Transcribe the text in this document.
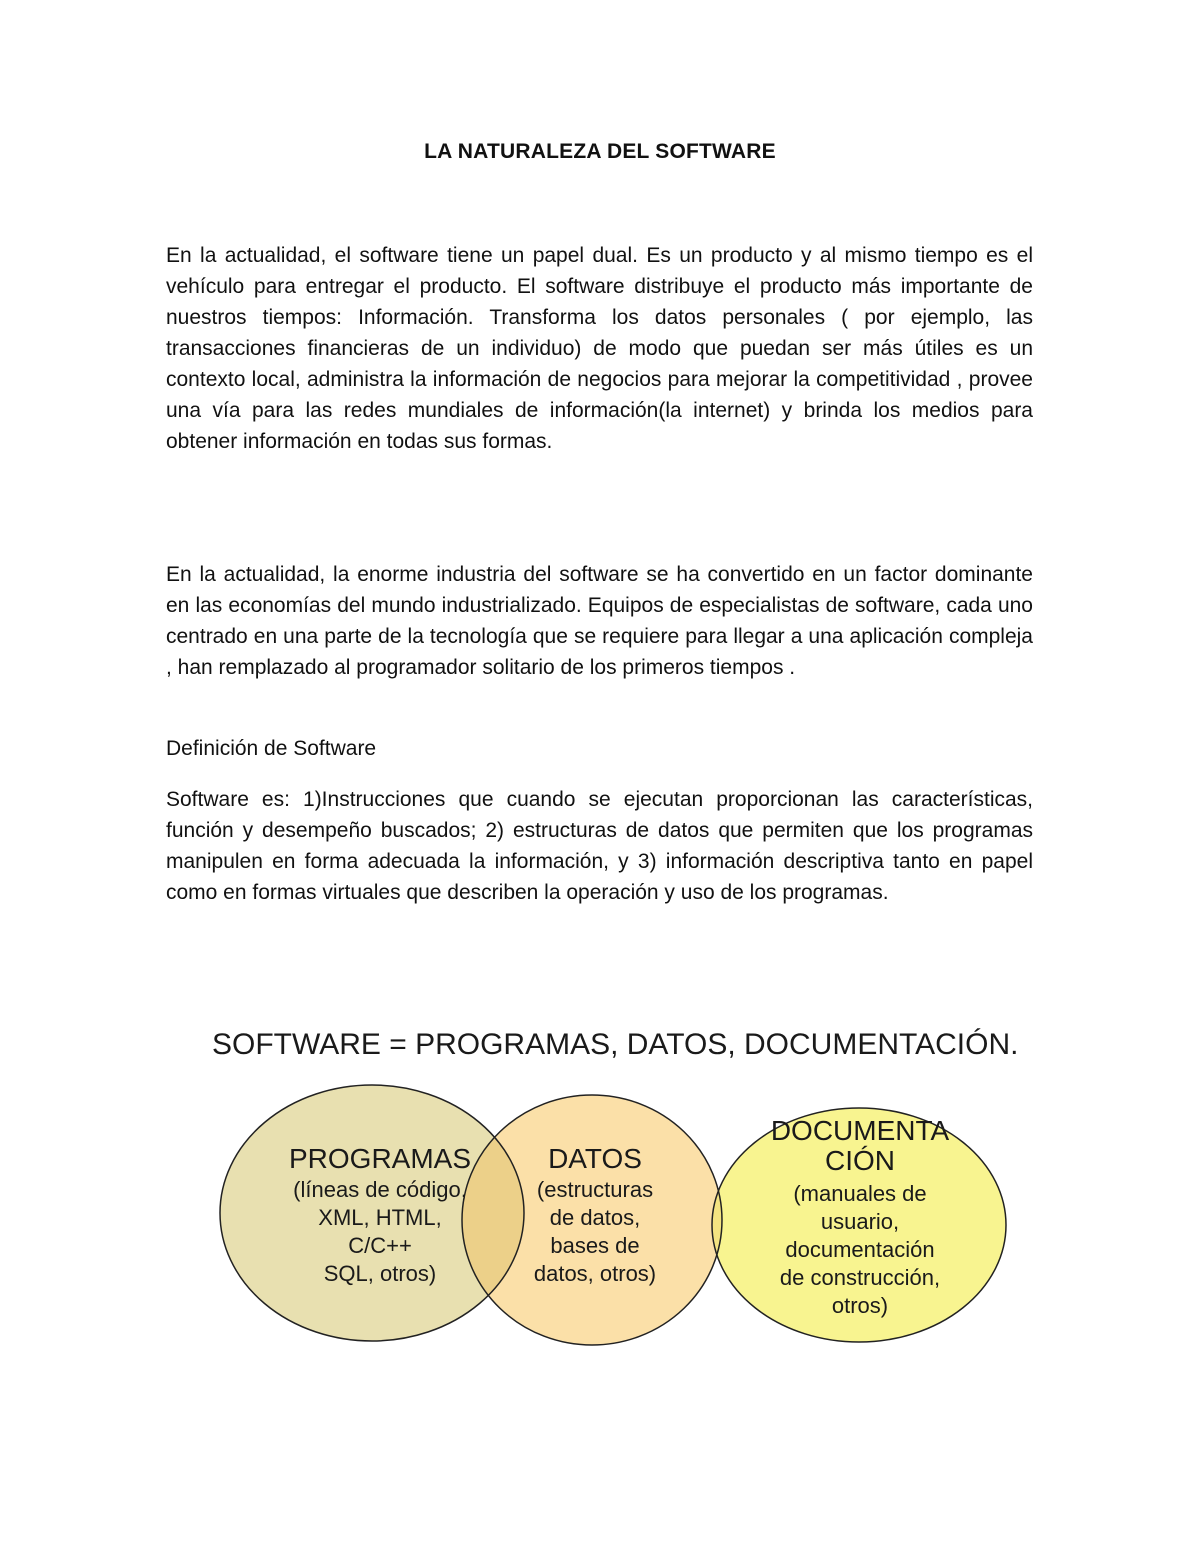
LA NATURALEZA DEL SOFTWARE

En la actualidad, el software tiene un papel dual. Es un producto y al mismo tiempo es el vehículo para entregar el producto. El software distribuye el producto más importante de nuestros tiempos: Información. Transforma los datos personales ( por ejemplo, las transacciones financieras de un individuo) de modo que puedan ser más útiles es un contexto local, administra la información de negocios para mejorar la competitividad , provee una vía para las redes mundiales de información(la internet) y brinda los medios para obtener información en todas sus formas.

En la actualidad, la enorme industria del software se ha convertido en un factor dominante en las economías del mundo industrializado. Equipos de especialistas de software, cada uno centrado en una parte de la tecnología que se requiere para llegar a una aplicación compleja , han remplazado al programador solitario de los primeros tiempos .

Definición de Software

Software es: 1)Instrucciones que cuando se ejecutan proporcionan las características, función y desempeño buscados; 2) estructuras de datos que permiten que los programas manipulen en forma adecuada la información, y 3) información descriptiva tanto en papel como en formas virtuales que describen la operación y uso de los programas.

SOFTWARE = PROGRAMAS, DATOS, DOCUMENTACIÓN.
PROGRAMAS
(líneas de código,
XML, HTML,
C/C++
SQL, otros)
DATOS
(estructuras
de datos,
bases de
datos, otros)
DOCUMENTA
CIÓN
(manuales de
usuario,
documentación
de construcción,
otros)
